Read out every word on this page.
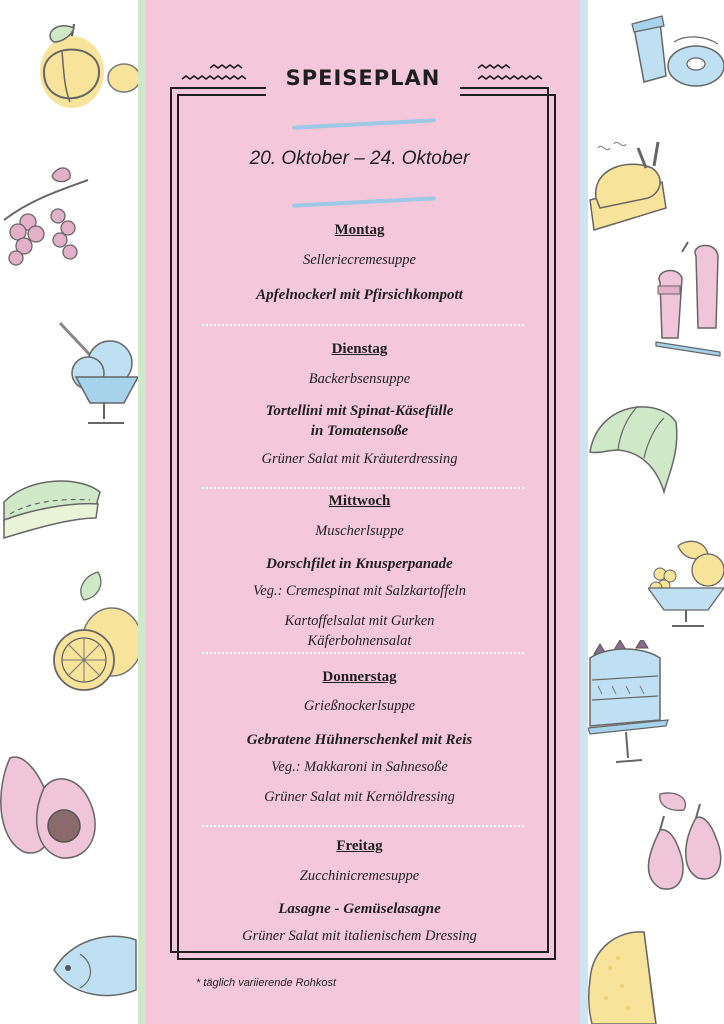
SPEISEPLAN
20. Oktober – 24. Oktober
Montag
Selleriecremesuppe
Apfelnockerl mit Pfirsichkompott
Dienstag
Backerbsensuppe
Tortellini mit Spinat-Käsefülle
in Tomatensoße
Grüner Salat mit Kräuterdressing
Mittwoch
Muscherlsuppe
Dorschfilet in Knusperpanade
Veg.: Cremespinat mit Salzkartoffeln
Kartoffelsalat mit Gurken
Käferbohnensalat
Donnerstag
Grießnockerlsuppe
Gebratene Hühnerschenkel mit Reis
Veg.: Makkaroni in Sahnesoße
Grüner Salat mit Kernöldressing
Freitag
Zucchinicremesuppe
Lasagne - Gemüselasagne
Grüner Salat mit italienischem Dressing
* täglich variierende Rohkost
